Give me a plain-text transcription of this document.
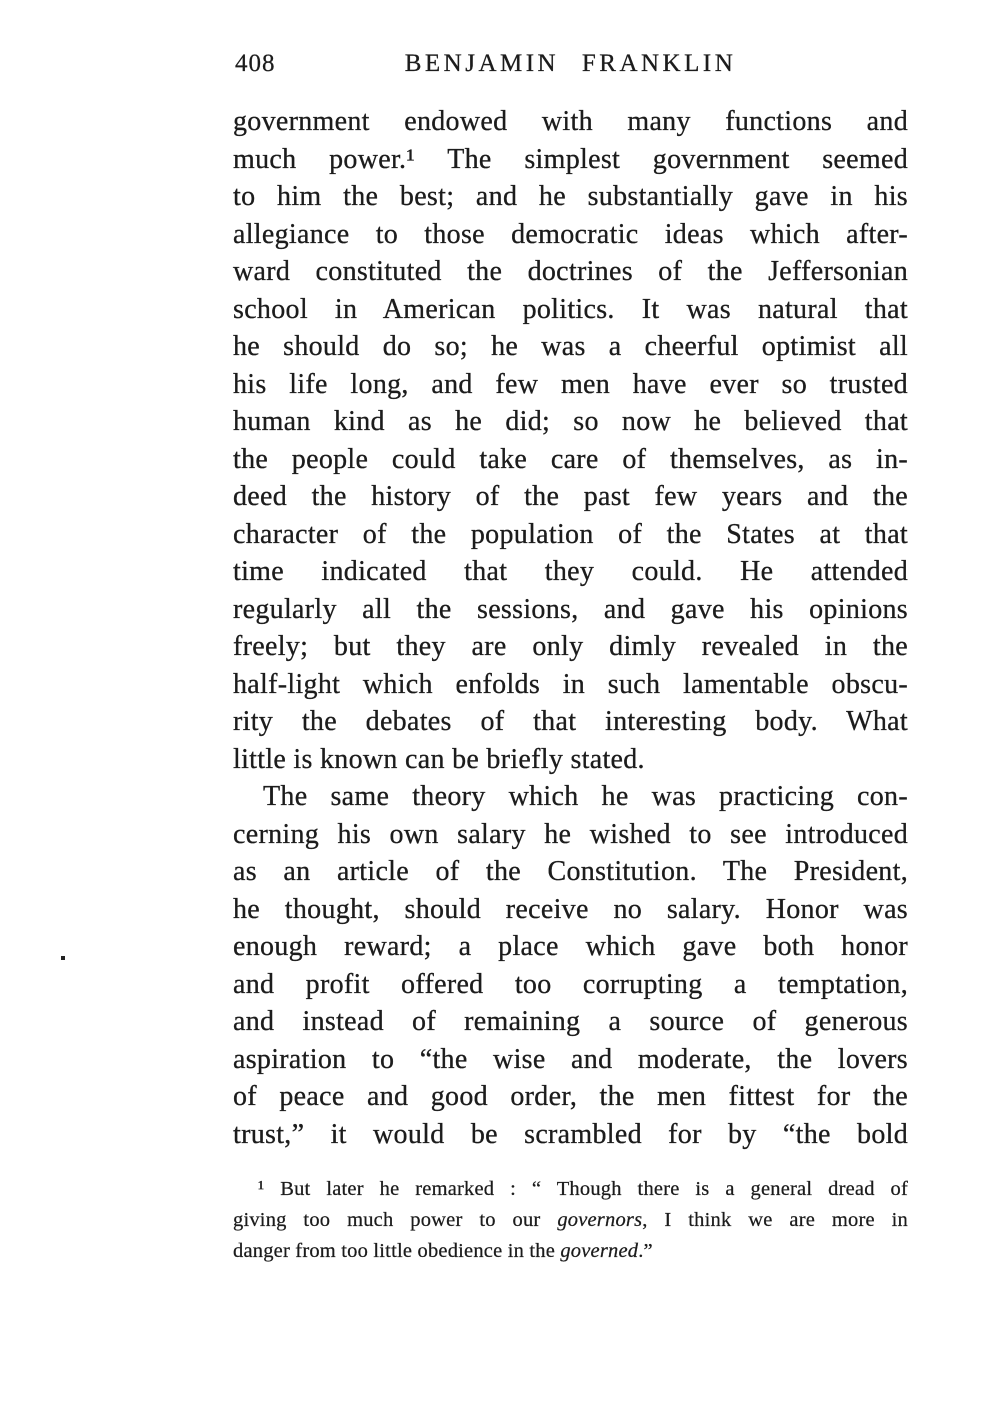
408	BENJAMIN FRANKLIN
government endowed with many functions and
much power.¹ The simplest government seemed
to him the best; and he substantially gave in his
allegiance to those democratic ideas which after-
ward constituted the doctrines of the Jeffersonian
school in American politics. It was natural that
he should do so; he was a cheerful optimist all
his life long, and few men have ever so trusted
human kind as he did; so now he believed that
the people could take care of themselves, as in-
deed the history of the past few years and the
character of the population of the States at that
time indicated that they could. He attended
regularly all the sessions, and gave his opinions
freely; but they are only dimly revealed in the
half-light which enfolds in such lamentable obscu-
rity the debates of that interesting body. What
little is known can be briefly stated.
The same theory which he was practicing con-
cerning his own salary he wished to see introduced
as an article of the Constitution. The President,
he thought, should receive no salary. Honor was
enough reward; a place which gave both honor
and profit offered too corrupting a temptation,
and instead of remaining a source of generous
aspiration to “the wise and moderate, the lovers
of peace and good order, the men fittest for the
trust,” it would be scrambled for by “the bold
¹ But later he remarked : “ Though there is a general dread of
giving too much power to our governors, I think we are more in
danger from too little obedience in the governed.”
